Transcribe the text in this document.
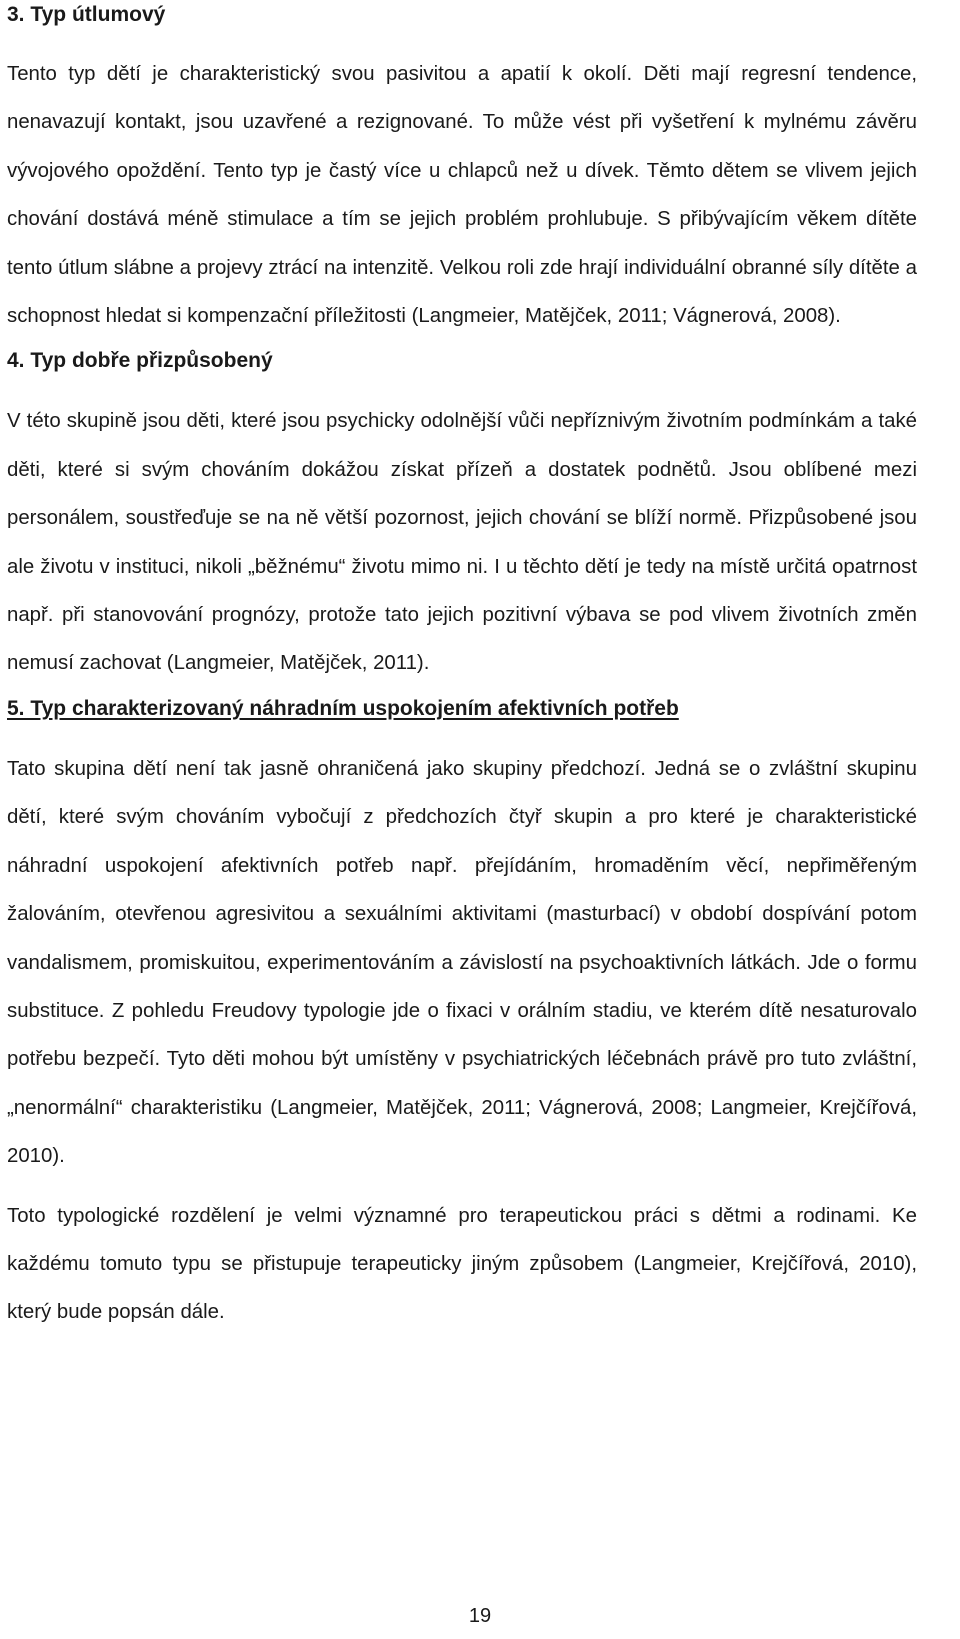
3. Typ útlumový

Tento typ dětí je charakteristický svou pasivitou a apatií k okolí. Děti mají regresní tendence, nenavazují kontakt, jsou uzavřené a rezignované. To může vést při vyšetření k mylnému závěru vývojového opoždění. Tento typ je častý více u chlapců než u dívek. Těmto dětem se vlivem jejich chování dostává méně stimulace a tím se jejich problém prohlubuje. S přibývajícím věkem dítěte tento útlum slábne a projevy ztrácí na intenzitě. Velkou roli zde hrají individuální obranné síly dítěte a schopnost hledat si kompenzační příležitosti (Langmeier, Matějček, 2011; Vágnerová, 2008).

4. Typ dobře přizpůsobený

V této skupině jsou děti, které jsou psychicky odolnější vůči nepříznivým životním podmínkám a také děti, které si svým chováním dokážou získat přízeň a dostatek podnětů. Jsou oblíbené mezi personálem, soustřeďuje se na ně větší pozornost, jejich chování se blíží normě. Přizpůsobené jsou ale životu v instituci, nikoli „běžnému“ životu mimo ni. I u těchto dětí je tedy na místě určitá opatrnost např. při stanovování prognózy, protože tato jejich pozitivní výbava se pod vlivem životních změn nemusí zachovat (Langmeier, Matějček, 2011).

5. Typ charakterizovaný náhradním uspokojením afektivních potřeb

Tato skupina dětí není tak jasně ohraničená jako skupiny předchozí. Jedná se o zvláštní skupinu dětí, které svým chováním vybočují z předchozích čtyř skupin a pro které je charakteristické náhradní uspokojení afektivních potřeb např. přejídáním, hromaděním věcí, nepřiměřeným žalováním, otevřenou agresivitou a sexuálními aktivitami (masturbací) v období dospívání potom vandalismem, promiskuitou, experimentováním a závislostí na psychoaktivních látkách. Jde o formu substituce. Z pohledu Freudovy typologie jde o fixaci v orálním stadiu, ve kterém dítě nesaturovalo potřebu bezpečí. Tyto děti mohou být umístěny v psychiatrických léčebnách právě pro tuto zvláštní, „nenormální“ charakteristiku (Langmeier, Matějček, 2011; Vágnerová, 2008; Langmeier, Krejčířová, 2010).

Toto typologické rozdělení je velmi významné pro terapeutickou práci s dětmi a rodinami. Ke každému tomuto typu se přistupuje terapeuticky jiným způsobem (Langmeier, Krejčířová, 2010), který bude popsán dále.

19
